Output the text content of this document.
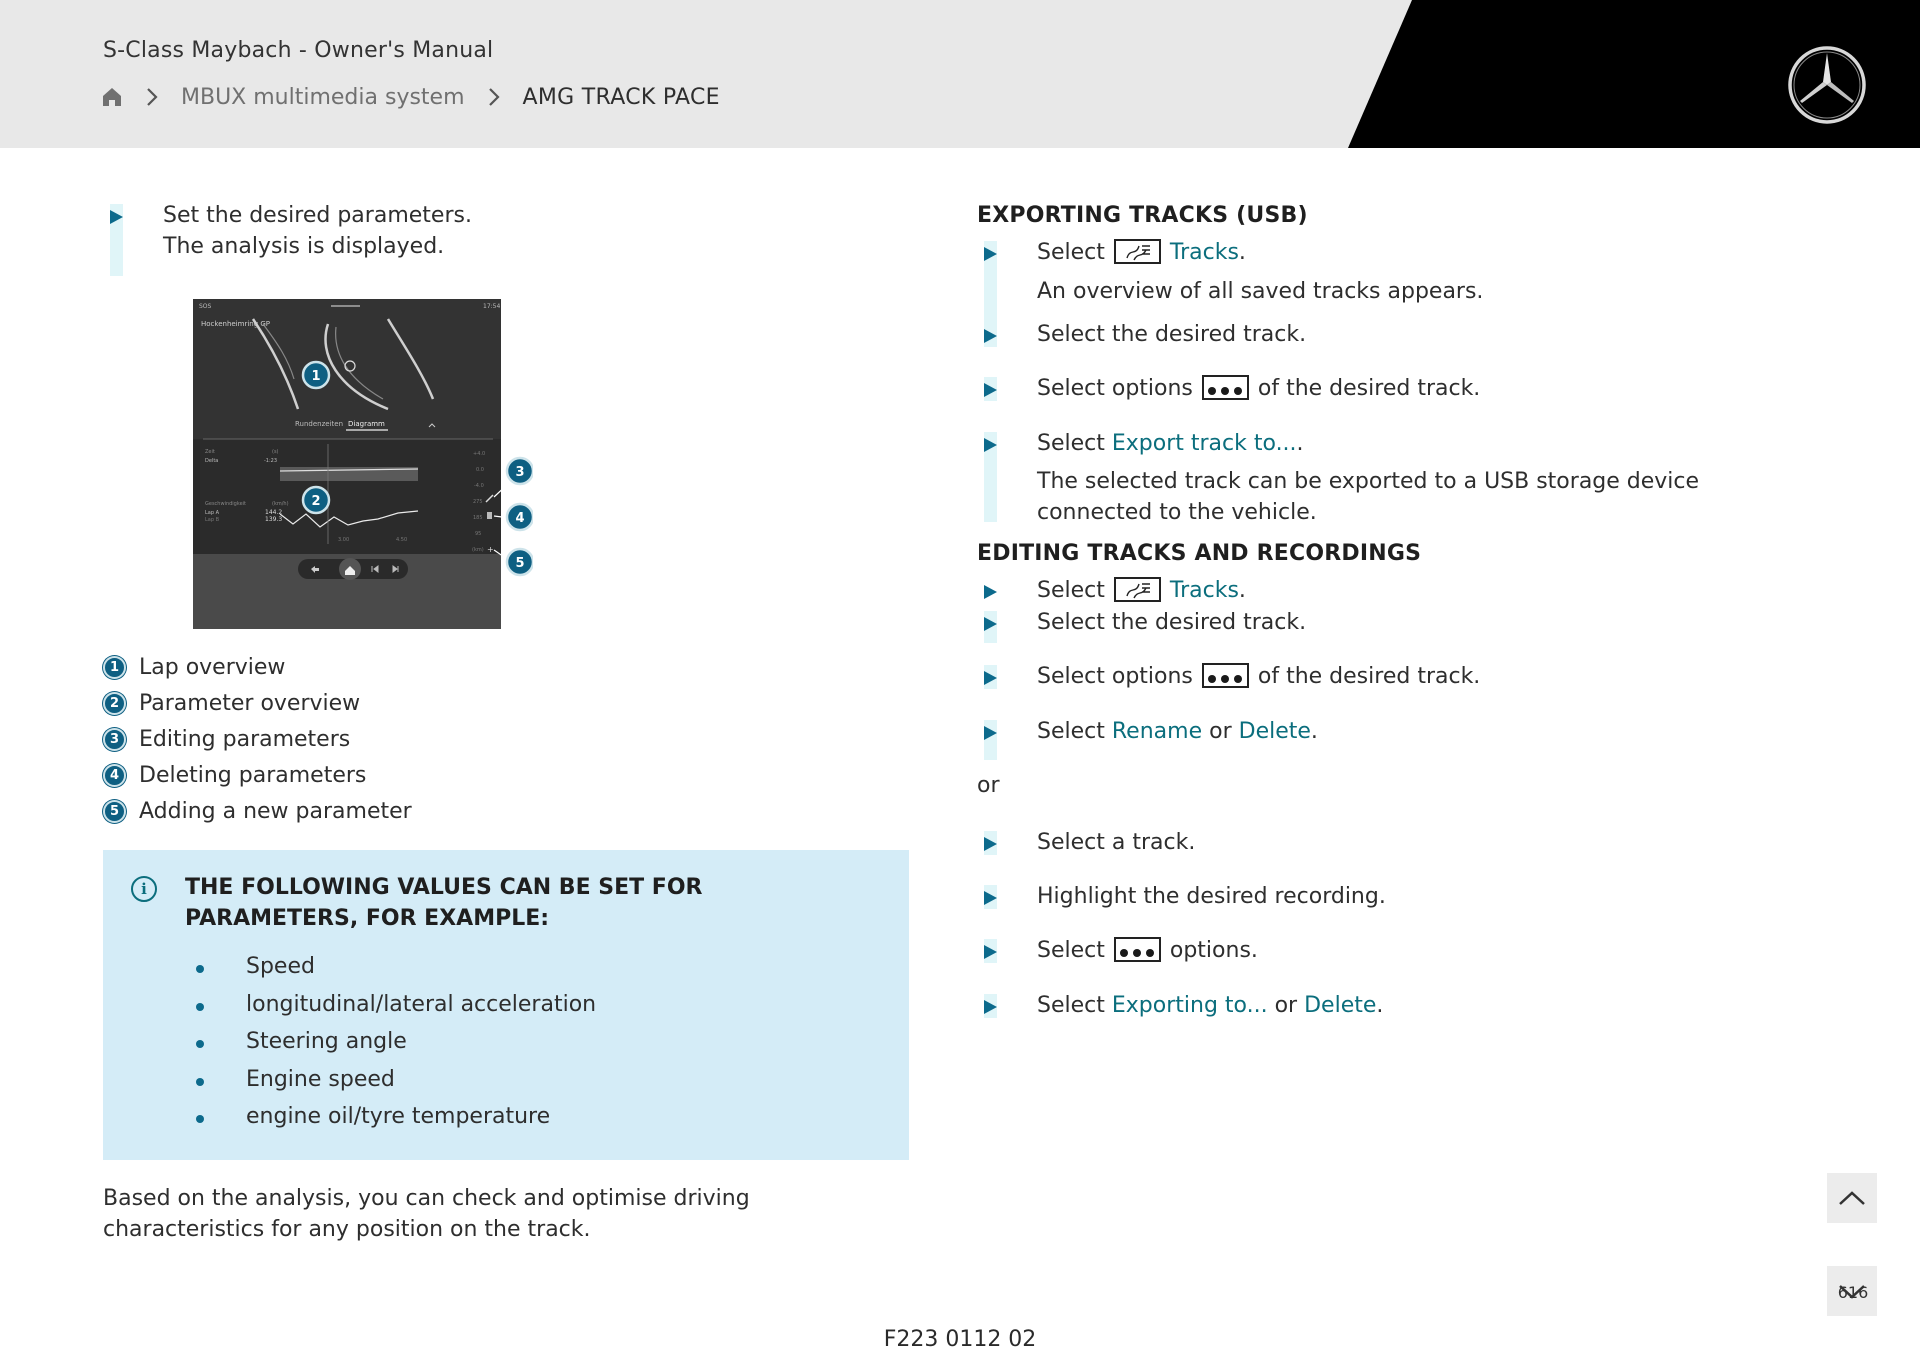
S-Class Maybach - Owner's Manual
MBUX multimedia system	AMG TRACK PACE
Set the desired parameters.
The analysis is displayed.
SOS	17:54
Hockenheimring GP
Rundenzeiten Diagramm
Zeit	(s)
Delta	-1:23
Geschwindigkeit	(km/h)
Lap A
Lap B
144.2
139.3
3.00	4.50
+4.0
0.0
-4.0
275
185
95
(km) +
1
2
3
4
5
1 Lap overview
2 Parameter overview
3 Editing parameters
4 Deleting parameters
5 Adding a new parameter
i	THE FOLLOWING VALUES CAN BE SET FOR PARAMETERS, FOR EXAMPLE:
Speed
longitudinal/lateral acceleration
Steering angle
Engine speed
engine oil/tyre temperature
Based on the analysis, you can check and optimise driving characteristics for any position on the track.
EXPORTING TRACKS (USB)
Select	Tracks.
An overview of all saved tracks appears.
Select the desired track.
Select options	of the desired track.
Select Export track to....
The selected track can be exported to a USB storage device connected to the vehicle.
EDITING TRACKS AND RECORDINGS
Select	Tracks.
Select the desired track.
Select options	of the desired track.
Select Rename or Delete.
or
Select a track.
Highlight the desired recording.
Select	options.
Select Exporting to... or Delete.
616
F223 0112 02
